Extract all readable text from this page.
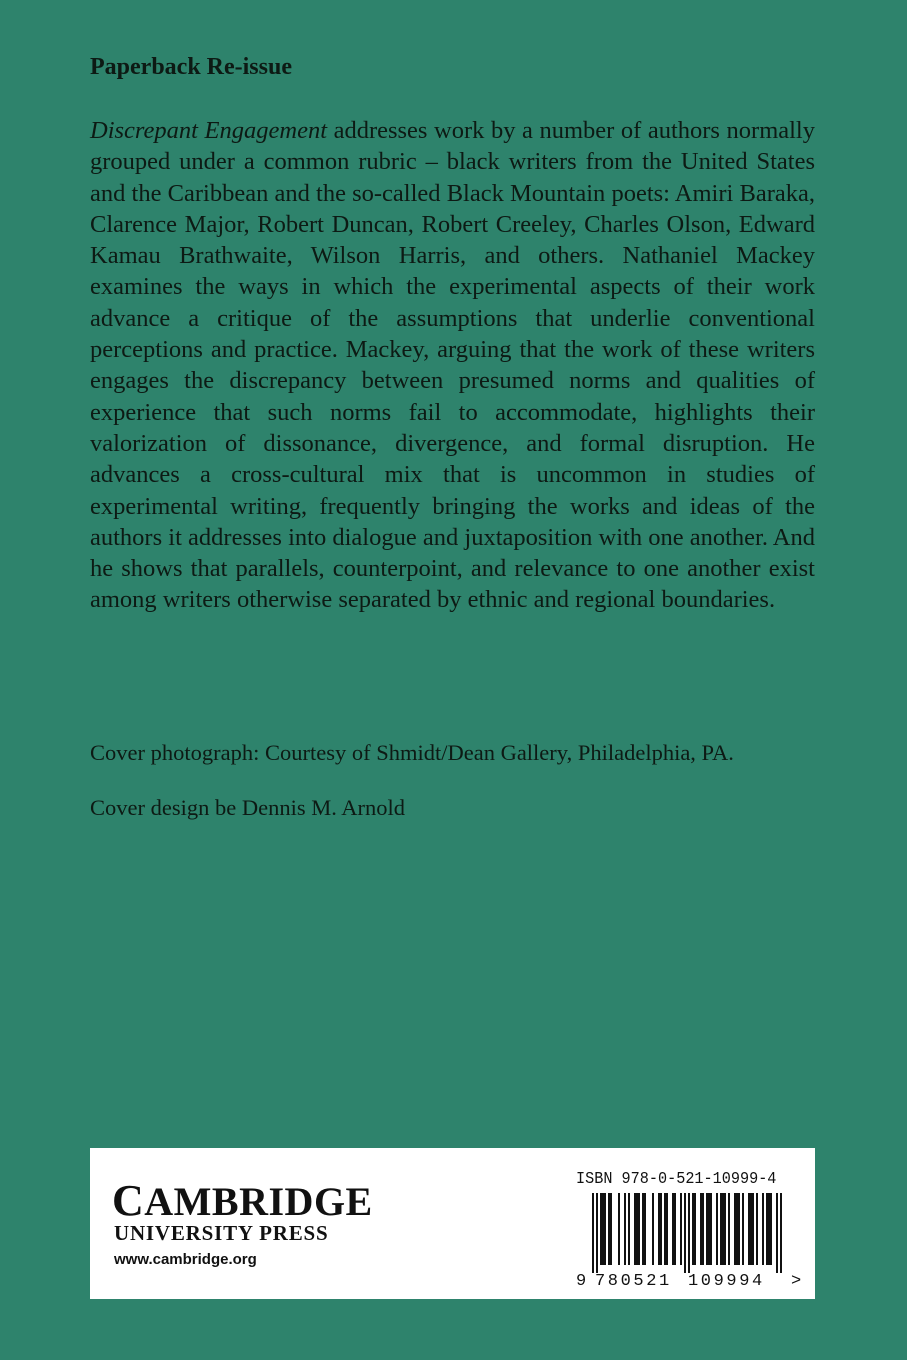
Paperback Re-issue

Discrepant Engagement addresses work by a number of authors normally grouped under a common rubric – black writers from the United States and the Caribbean and the so-called Black Mountain poets: Amiri Baraka, Clarence Major, Robert Duncan, Robert Creeley, Charles Olson, Edward Kamau Brathwaite, Wilson Harris, and others. Nathaniel Mackey examines the ways in which the experimental aspects of their work advance a critique of the assumptions that underlie conventional perceptions and practice. Mackey, arguing that the work of these writers engages the discrepancy between presumed norms and qualities of experience that such norms fail to accommodate, highlights their valorization of dissonance, divergence, and formal disruption. He advances a cross-cultural mix that is uncommon in studies of experimental writing, frequently bringing the works and ideas of the authors it addresses into dialogue and juxtaposition with one another. And he shows that parallels, counterpoint, and relevance to one another exist among writers otherwise separated by ethnic and regional boundaries.

Cover photograph: Courtesy of Shmidt/Dean Gallery, Philadelphia, PA.
Cover design be Dennis M. Arnold
CAMBRIDGE
UNIVERSITY PRESS
www.cambridge.org
ISBN 978-0-521-10999-4
9 780521 109994 >
